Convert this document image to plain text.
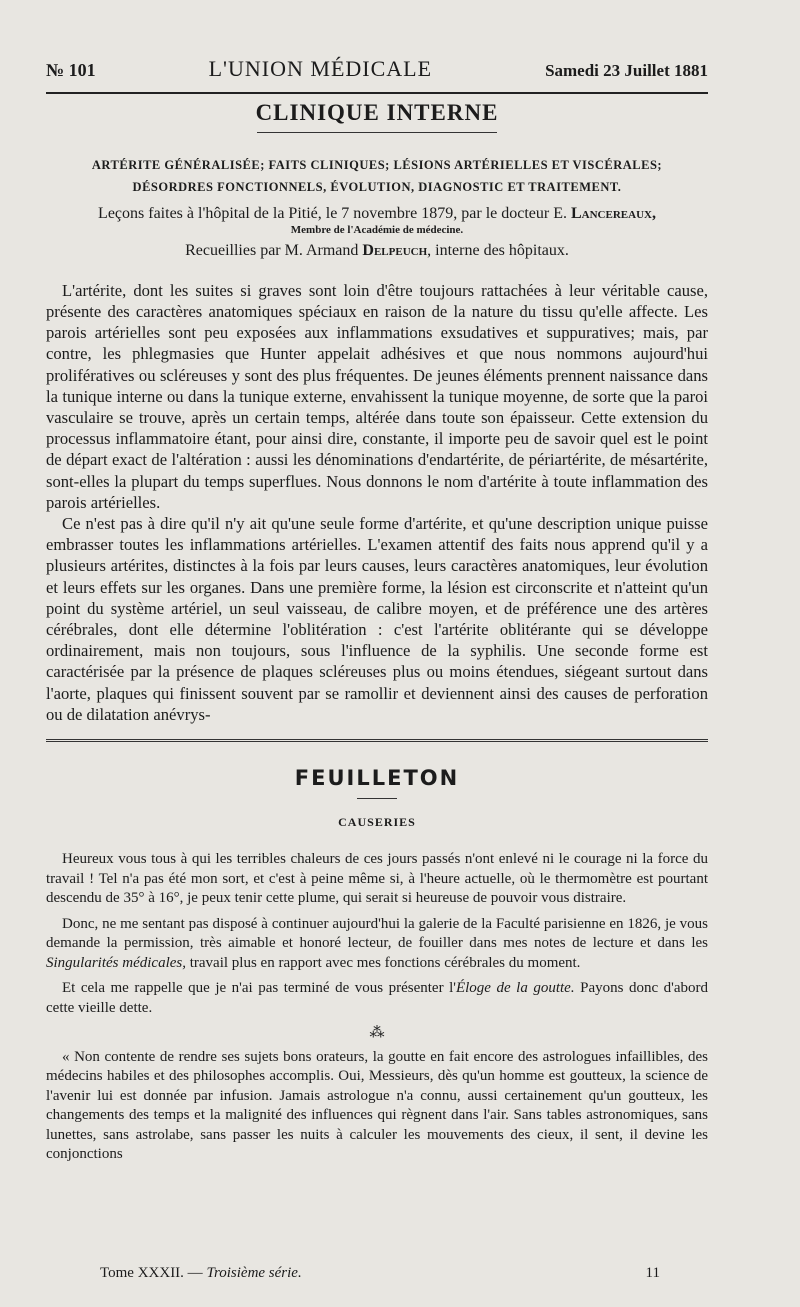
№ 101	L'UNION MÉDICALE	Samedi 23 Juillet 1881
CLINIQUE INTERNE
ARTÉRITE GÉNÉRALISÉE; FAITS CLINIQUES; LÉSIONS ARTÉRIELLES ET VISCÉRALES;
DÉSORDRES FONCTIONNELS, ÉVOLUTION, DIAGNOSTIC ET TRAITEMENT.
Leçons faites à l'hôpital de la Pitié, le 7 novembre 1879, par le docteur E. Lancereaux,
Membre de l'Académie de médecine.
Recueillies par M. Armand Delpeuch, interne des hôpitaux.

L'artérite, dont les suites si graves sont loin d'être toujours rattachées à leur véritable cause, présente des caractères anatomiques spéciaux en raison de la nature du tissu qu'elle affecte. Les parois artérielles sont peu exposées aux inflammations exsudatives et suppuratives; mais, par contre, les phlegmasies que Hunter appelait adhésives et que nous nommons aujourd'hui prolifératives ou scléreuses y sont des plus fréquentes. De jeunes éléments prennent naissance dans la tunique interne ou dans la tunique externe, envahissent la tunique moyenne, de sorte que la paroi vasculaire se trouve, après un certain temps, altérée dans toute son épaisseur. Cette extension du processus inflammatoire étant, pour ainsi dire, constante, il importe peu de savoir quel est le point de départ exact de l'altération : aussi les dénominations d'endartérite, de périartérite, de mésartérite, sont-elles la plupart du temps superflues. Nous donnons le nom d'artérite à toute inflammation des parois artérielles.

Ce n'est pas à dire qu'il n'y ait qu'une seule forme d'artérite, et qu'une description unique puisse embrasser toutes les inflammations artérielles. L'examen attentif des faits nous apprend qu'il y a plusieurs artérites, distinctes à la fois par leurs causes, leurs caractères anatomiques, leur évolution et leurs effets sur les organes. Dans une première forme, la lésion est circonscrite et n'atteint qu'un point du système artériel, un seul vaisseau, de calibre moyen, et de préférence une des artères cérébrales, dont elle détermine l'oblitération : c'est l'artérite oblitérante qui se développe ordinairement, mais non toujours, sous l'influence de la syphilis. Une seconde forme est caractérisée par la présence de plaques scléreuses plus ou moins étendues, siégeant surtout dans l'aorte, plaques qui finissent souvent par se ramollir et deviennent ainsi des causes de perforation ou de dilatation anévrys-

FEUILLETON
CAUSERIES

Heureux vous tous à qui les terribles chaleurs de ces jours passés n'ont enlevé ni le courage ni la force du travail ! Tel n'a pas été mon sort, et c'est à peine même si, à l'heure actuelle, où le thermomètre est pourtant descendu de 35° à 16°, je peux tenir cette plume, qui serait si heureuse de pouvoir vous distraire.

Donc, ne me sentant pas disposé à continuer aujourd'hui la galerie de la Faculté parisienne en 1826, je vous demande la permission, très aimable et honoré lecteur, de fouiller dans mes notes de lecture et dans les Singularités médicales, travail plus en rapport avec mes fonctions cérébrales du moment.

Et cela me rappelle que je n'ai pas terminé de vous présenter l'Éloge de la goutte. Payons donc d'abord cette vieille dette.

⁂

« Non contente de rendre ses sujets bons orateurs, la goutte en fait encore des astrologues infaillibles, des médecins habiles et des philosophes accomplis. Oui, Messieurs, dès qu'un homme est goutteux, la science de l'avenir lui est donnée par infusion. Jamais astrologue n'a connu, aussi certainement qu'un goutteux, les changements des temps et la malignité des influences qui règnent dans l'air. Sans tables astronomiques, sans lunettes, sans astrolabe, sans passer les nuits à calculer les mouvements des cieux, il sent, il devine les conjonctions

Tome XXXII. — Troisième série.	11
